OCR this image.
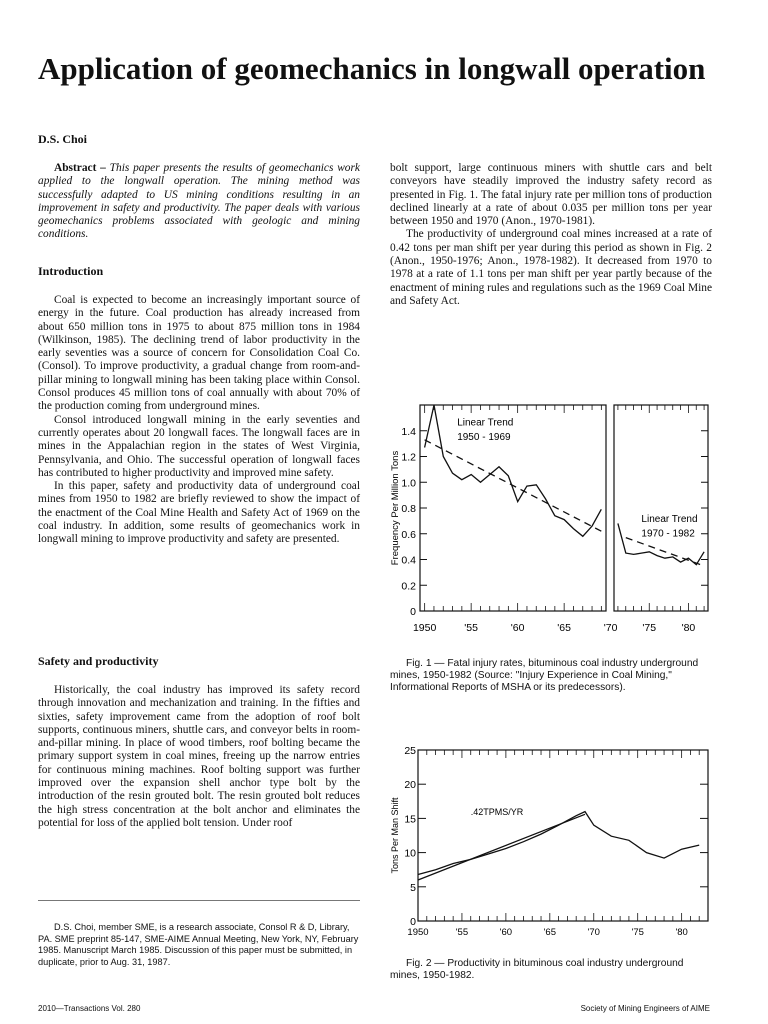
Application of geomechanics in longwall operation
D.S. Choi

Abstract – This paper presents the results of geomechanics work applied to the longwall operation. The mining method was successfully adapted to US mining conditions resulting in an improvement in safety and productivity. The paper deals with various geomechanics problems associated with geologic and mining conditions.

Introduction

Coal is expected to become an increasingly important source of energy in the future. Coal production has already increased from about 650 million tons in 1975 to about 875 million tons in 1984 (Wilkinson, 1985). The declining trend of labor productivity in the early seventies was a source of concern for Consolidation Coal Co. (Consol). To improve productivity, a gradual change from room-and-pillar mining to longwall mining has been taking place within Consol. Consol produces 45 million tons of coal annually with about 70% of the production coming from underground mines.

Consol introduced longwall mining in the early seventies and currently operates about 20 longwall faces. The longwall faces are in mines in the Appalachian region in the states of West Virginia, Pennsylvania, and Ohio. The successful operation of longwall faces has contributed to higher productivity and improved mine safety.

In this paper, safety and productivity data of underground coal mines from 1950 to 1982 are briefly reviewed to show the impact of the enactment of the Coal Mine Health and Safety Act of 1969 on the coal industry. In addition, some results of geomechanics work in longwall mining to improve productivity and safety are presented.

Safety and productivity

Historically, the coal industry has improved its safety record through innovation and mechanization and training. In the fifties and sixties, safety improvement came from the adoption of roof bolt supports, continuous miners, shuttle cars, and conveyor belts in room-and-pillar mining. In place of wood timbers, roof bolting became the primary support system in coal mines, freeing up the narrow entries for continuous mining machines. Roof bolting support was further improved over the expansion shell anchor type bolt by the introduction of the resin grouted bolt. The resin grouted bolt reduces the high stress concentration at the bolt anchor and eliminates the potential for loss of the applied bolt tension. Under roof

bolt support, large continuous miners with shuttle cars and belt conveyors have steadily improved the industry safety record as presented in Fig. 1. The fatal injury rate per million tons of production declined linearly at a rate of about 0.035 per million tons per year between 1950 and 1970 (Anon., 1970-1981).

The productivity of underground coal mines increased at a rate of 0.42 tons per man shift per year during this period as shown in Fig. 2 (Anon., 1950-1976; Anon., 1978-1982). It decreased from 1970 to 1978 at a rate of 1.1 tons per man shift per year partly because of the enactment of mining rules and regulations such as the 1969 Coal Mine and Safety Act.

D.S. Choi, member SME, is a research associate, Consol R & D, Library, PA. SME preprint 85-147, SME-AIME Annual Meeting, New York, NY, February 1985. Manuscript March 1985. Discussion of this paper must be submitted, in duplicate, prior to Aug. 31, 1987.

0
0.2
0.4
0.6
0.8
1.0
1.2
1.4
1950	'55	'60	'65	'70 '75 '80
Frequency Per Million Tons
Linear Trend
1950 - 1969
Linear Trend
1970 - 1982

Fig. 1 — Fatal injury rates, bituminous coal industry underground mines, 1950-1982 (Source: "Injury Experience in Coal Mining," Informational Reports of MSHA or its predecessors).

0
5
10
15
20
25
1950	'55	'60	'65	'70	'75	'80
Tons Per Man Shift	.42TPMS/YR

Fig. 2 — Productivity in bituminous coal industry underground mines, 1950-1982.

2010—Transactions Vol. 280	Society of Mining Engineers of AIME
